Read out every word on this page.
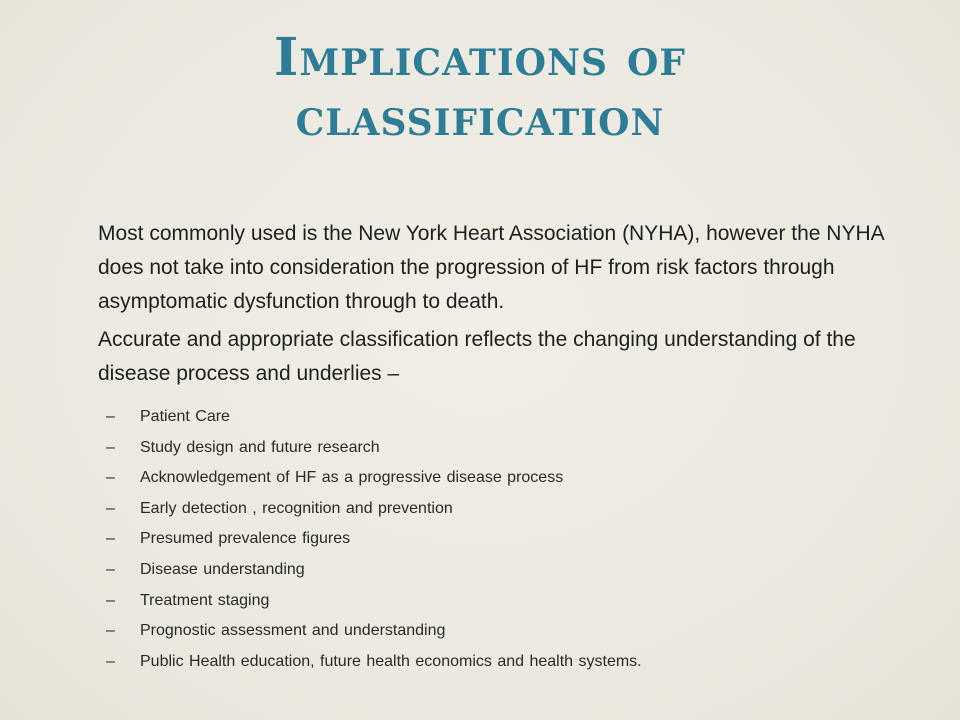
Implications of classification

Most commonly used is the New York Heart Association (NYHA), however the NYHA does not take into consideration the progression of HF from risk factors through asymptomatic dysfunction through to death.

Accurate and appropriate classification reflects the changing understanding of the disease process and underlies –

– Patient Care
– Study design and future research
– Acknowledgement of HF as a progressive disease process
– Early detection , recognition and prevention
– Presumed prevalence figures
– Disease understanding
– Treatment staging
– Prognostic assessment and understanding
– Public Health education, future health economics and health systems.
